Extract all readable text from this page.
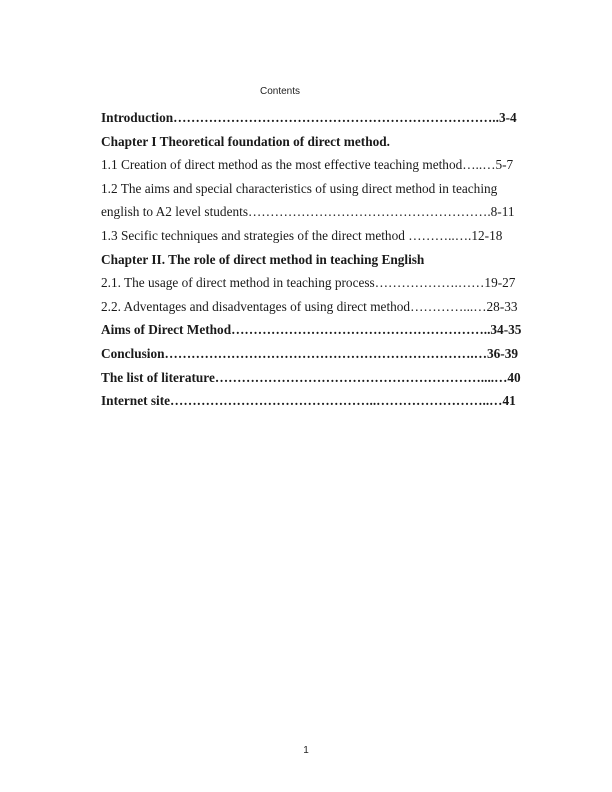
Contents
Introduction………………………………………………………………..3-4
Chapter I Theoretical foundation of direct method.
1.1 Creation of direct method as the most effective teaching method…..…5-7
1.2 The aims and special characteristics of using direct method in teaching
english to A2 level students……………………………………………….8-11
1.3 Secific techniques and strategies of the direct method ………..….12-18
Chapter II. The role of direct method in teaching English
2.1. The usage of direct method in teaching process……………….……19-27
2.2. Adventages and disadventages of using direct method…………...…28-33
Aims of Direct Method…………………………………………………..34-35
Conclusion…………………………………………………………….…36-39
The list of literature……………………………………………………....…40
Internet site………………………………………..……………………..…41
1
